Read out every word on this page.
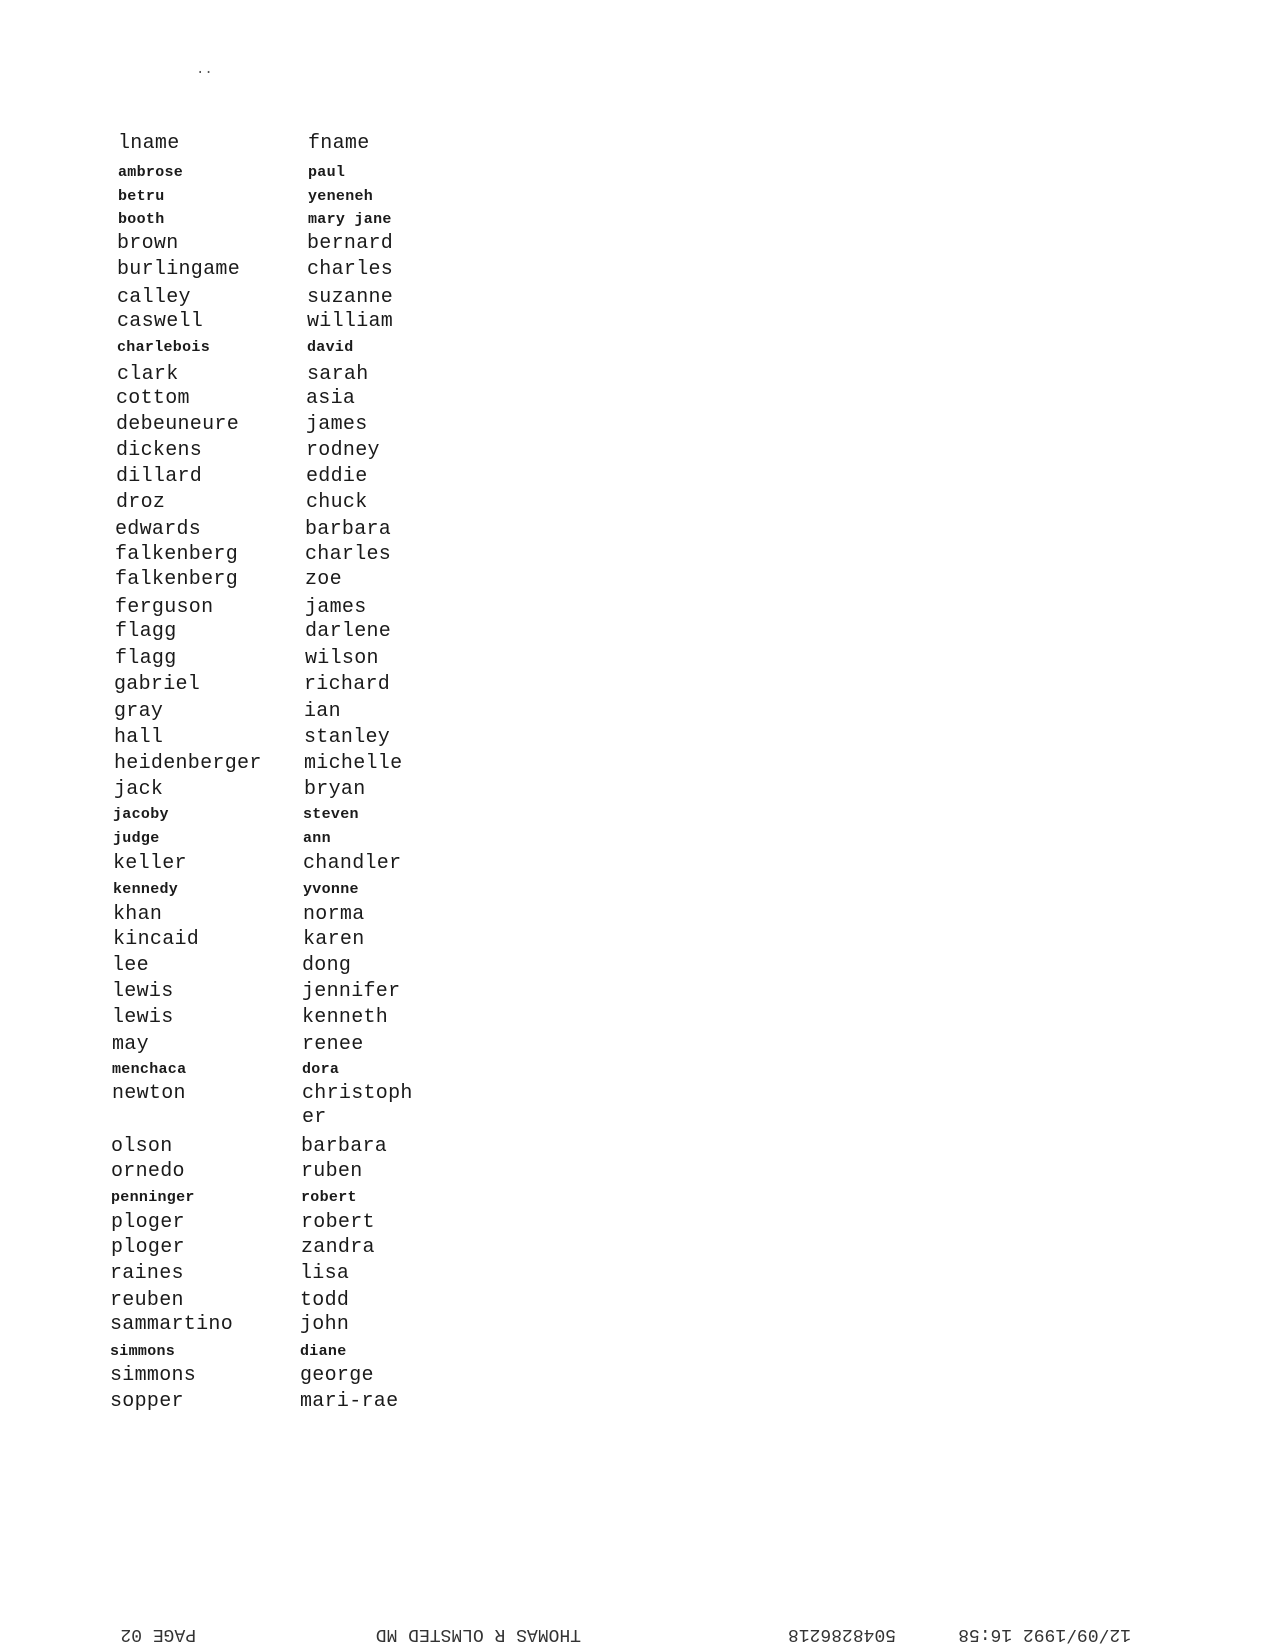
..
lname	fname
ambrose	paul
betru	yeneneh
booth	mary jane
brown	bernard
burlingame	charles
calley	suzanne
caswell	william
charlebois	david
clark	sarah
cottom	asia
debeuneure	james
dickens	rodney
dillard	eddie
droz	chuck
edwards	barbara
falkenberg	charles
falkenberg	zoe
ferguson	james
flagg	darlene
flagg	wilson
gabriel	richard
gray	ian
hall	stanley
heidenberger	michelle
jack	bryan
jacoby	steven
judge	ann
keller	chandler
kennedy	yvonne
khan	norma
kincaid	karen
lee	dong
lewis	jennifer
lewis	kenneth
may	renee
menchaca	dora
newton	christoph
er
olson	barbara
ornedo	ruben
penninger	robert
ploger	robert
ploger	zandra
raines	lisa
reuben	todd
sammartino	john
simmons	diane
simmons	george
sopper	mari-rae
12/09/1992 16:58
5048286218
THOMAS R OLMSTED MD
PAGE 02
